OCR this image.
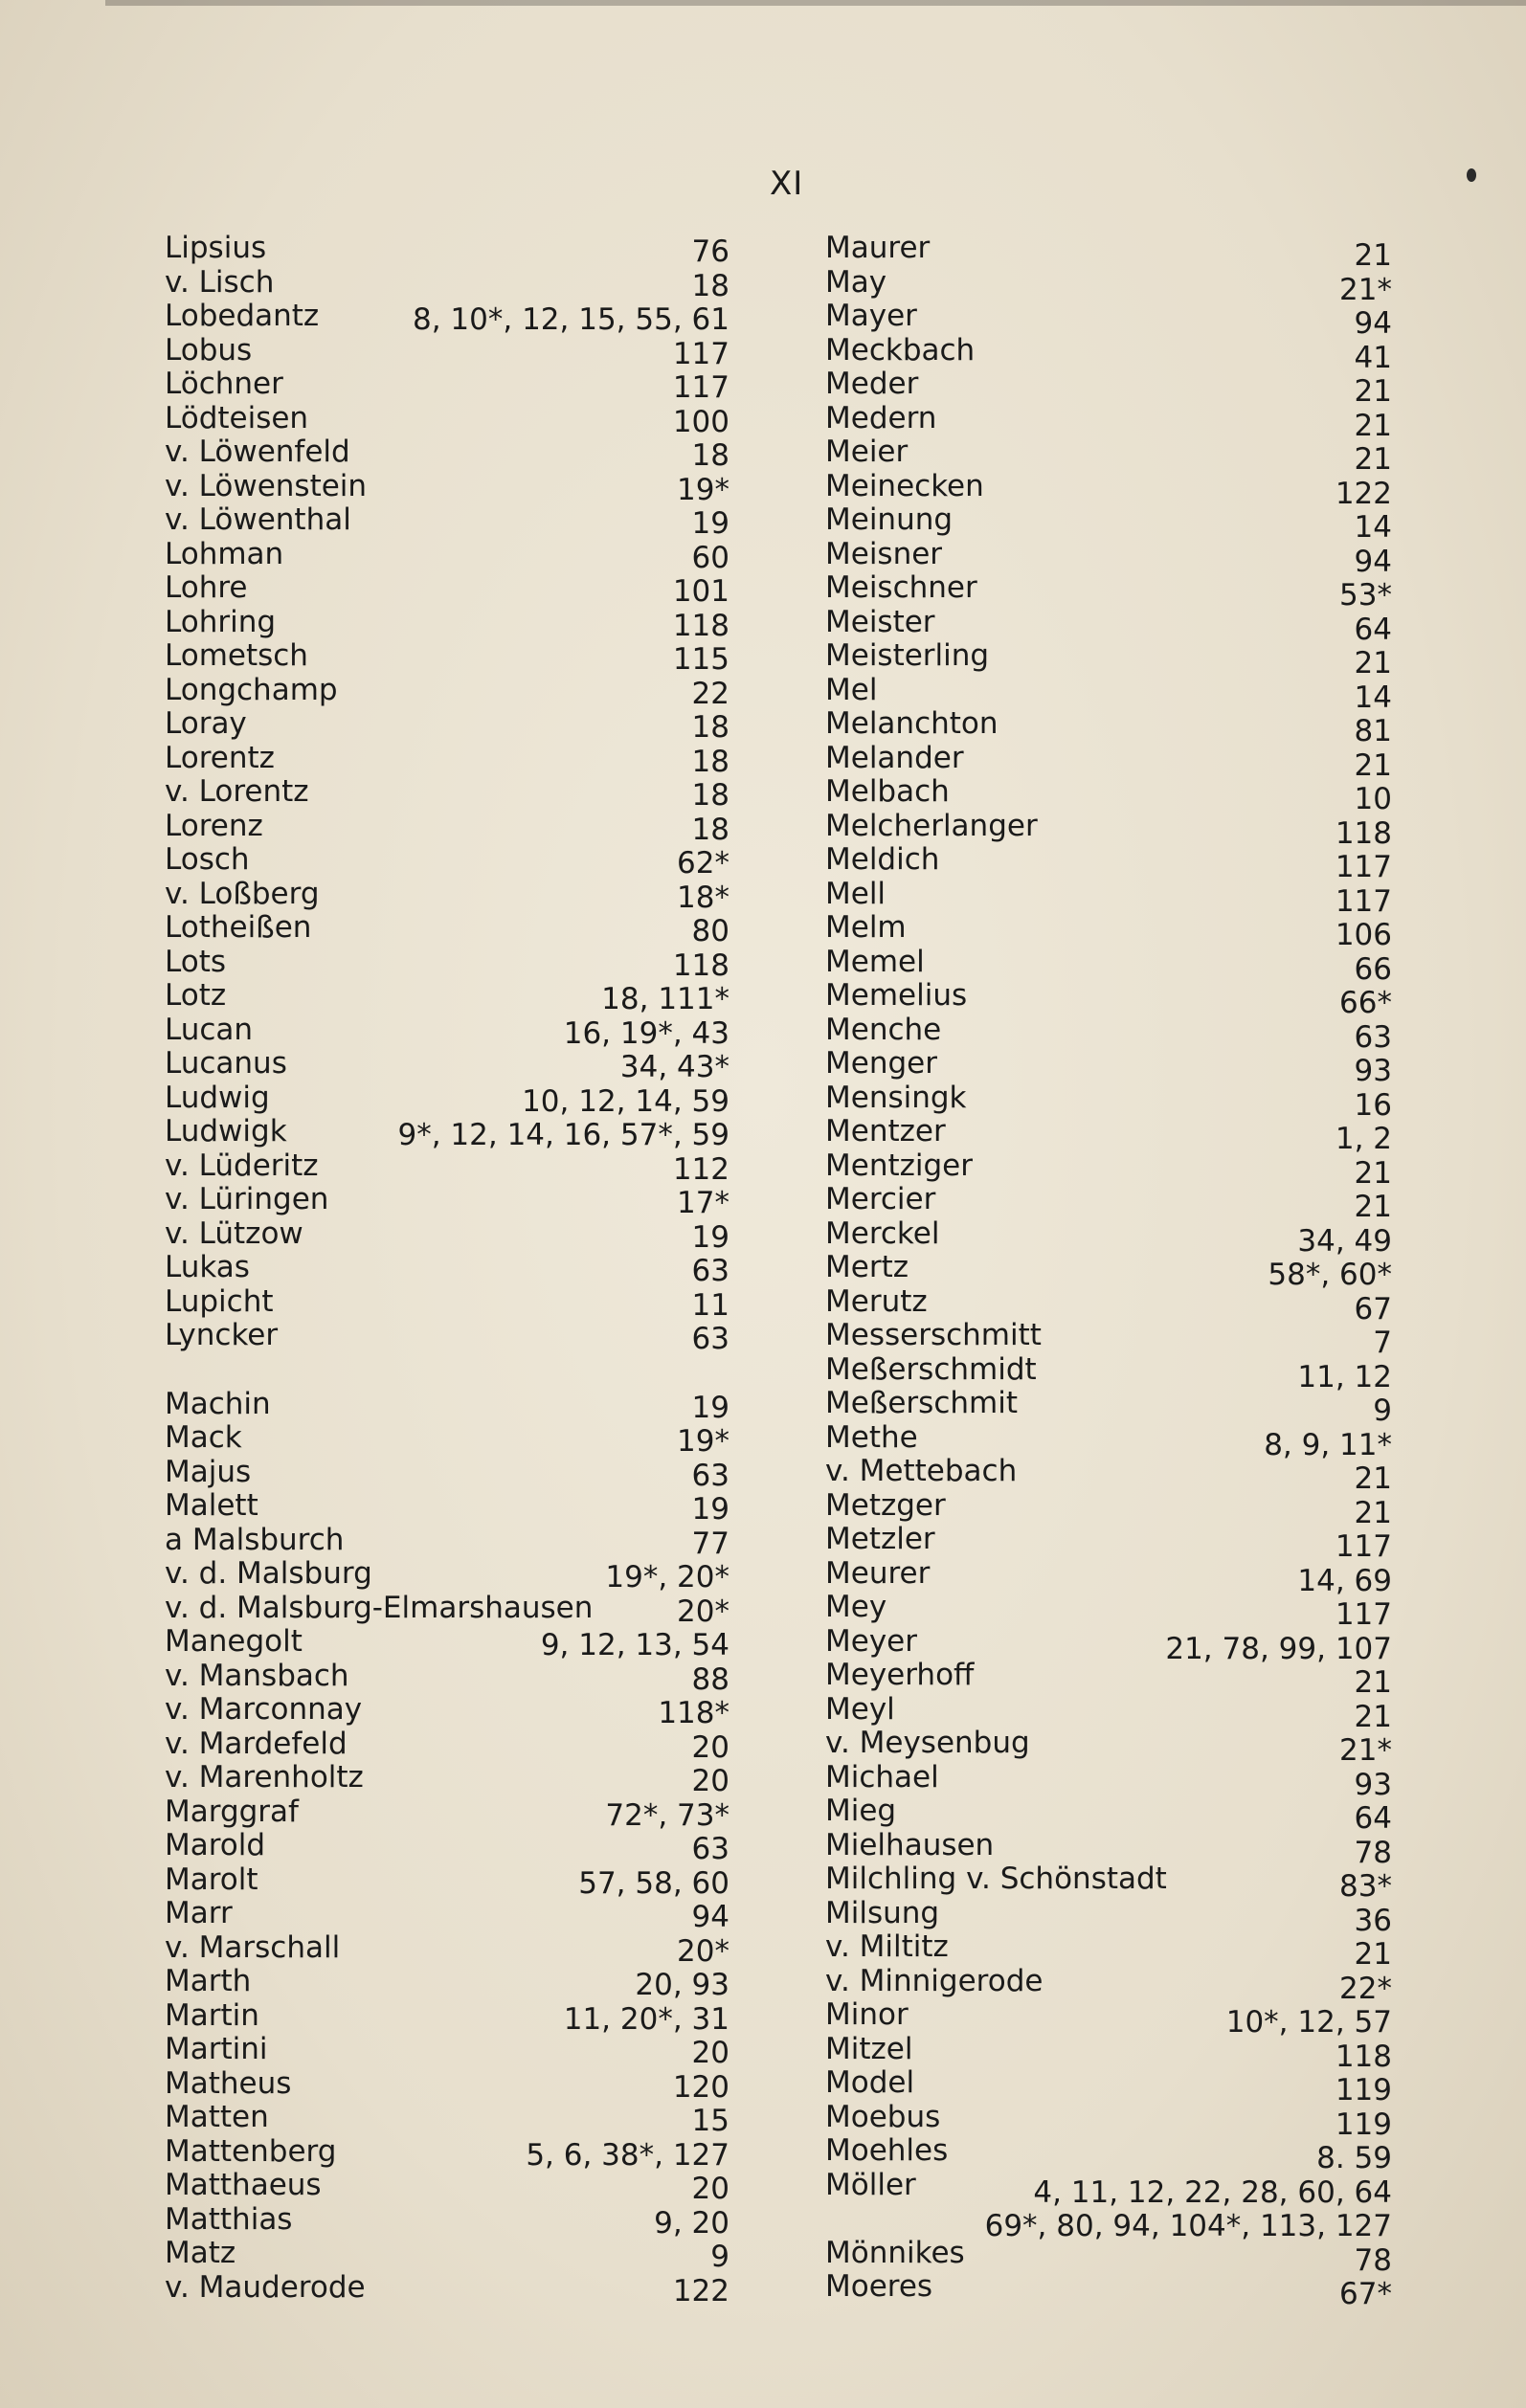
XI
Lipsius	76
v. Lisch	18
Lobedantz	8, 10*, 12, 15, 55, 61
Lobus	117
Löchner	117
Lödteisen	100
v. Löwenfeld	18
v. Löwenstein	19*
v. Löwenthal	19
Lohman	60
Lohre	101
Lohring	118
Lometsch	115
Longchamp	22
Loray	18
Lorentz	18
v. Lorentz	18
Lorenz	18
Losch	62*
v. Loßberg	18*
Lotheißen	80
Lots	118
Lotz	18, 111*
Lucan	16, 19*, 43
Lucanus	34, 43*
Ludwig	10, 12, 14, 59
Ludwigk	9*, 12, 14, 16, 57*, 59
v. Lüderitz	112
v. Lüringen	17*
v. Lützow	19
Lukas	63
Lupicht	11
Lyncker	63
Machin	19
Mack	19*
Majus	63
Malett	19
a Malsburch	77
v. d. Malsburg	19*, 20*
v. d. Malsburg-Elmarshausen	20*
Manegolt	9, 12, 13, 54
v. Mansbach	88
v. Marconnay	118*
v. Mardefeld	20
v. Marenholtz	20
Marggraf	72*, 73*
Marold	63
Marolt	57, 58, 60
Marr	94
v. Marschall	20*
Marth	20, 93
Martin	11, 20*, 31
Martini	20
Matheus	120
Matten	15
Mattenberg	5, 6, 38*, 127
Matthaeus	20
Matthias	9, 20
Matz	9
v. Mauderode	122
Maurer	21
May	21*
Mayer	94
Meckbach	41
Meder	21
Medern	21
Meier	21
Meinecken	122
Meinung	14
Meisner	94
Meischner	53*
Meister	64
Meisterling	21
Mel	14
Melanchton	81
Melander	21
Melbach	10
Melcherlanger	118
Meldich	117
Mell	117
Melm	106
Memel	66
Memelius	66*
Menche	63
Menger	93
Mensingk	16
Mentzer	1, 2
Mentziger	21
Mercier	21
Merckel	34, 49
Mertz	58*, 60*
Merutz	67
Messerschmitt	7
Meßerschmidt	11, 12
Meßerschmit	9
Methe	8, 9, 11*
v. Mettebach	21
Metzger	21
Metzler	117
Meurer	14, 69
Mey	117
Meyer	21, 78, 99, 107
Meyerhoff	21
Meyl	21
v. Meysenbug	21*
Michael	93
Mieg	64
Mielhausen	78
Milchling v. Schönstadt	83*
Milsung	36
v. Miltitz	21
v. Minnigerode	22*
Minor	10*, 12, 57
Mitzel	118
Model	119
Moebus	119
Moehles	8. 59
Möller	4, 11, 12, 22, 28, 60, 64
69*, 80, 94, 104*, 113, 127
Mönnikes	78
Moeres	67*
